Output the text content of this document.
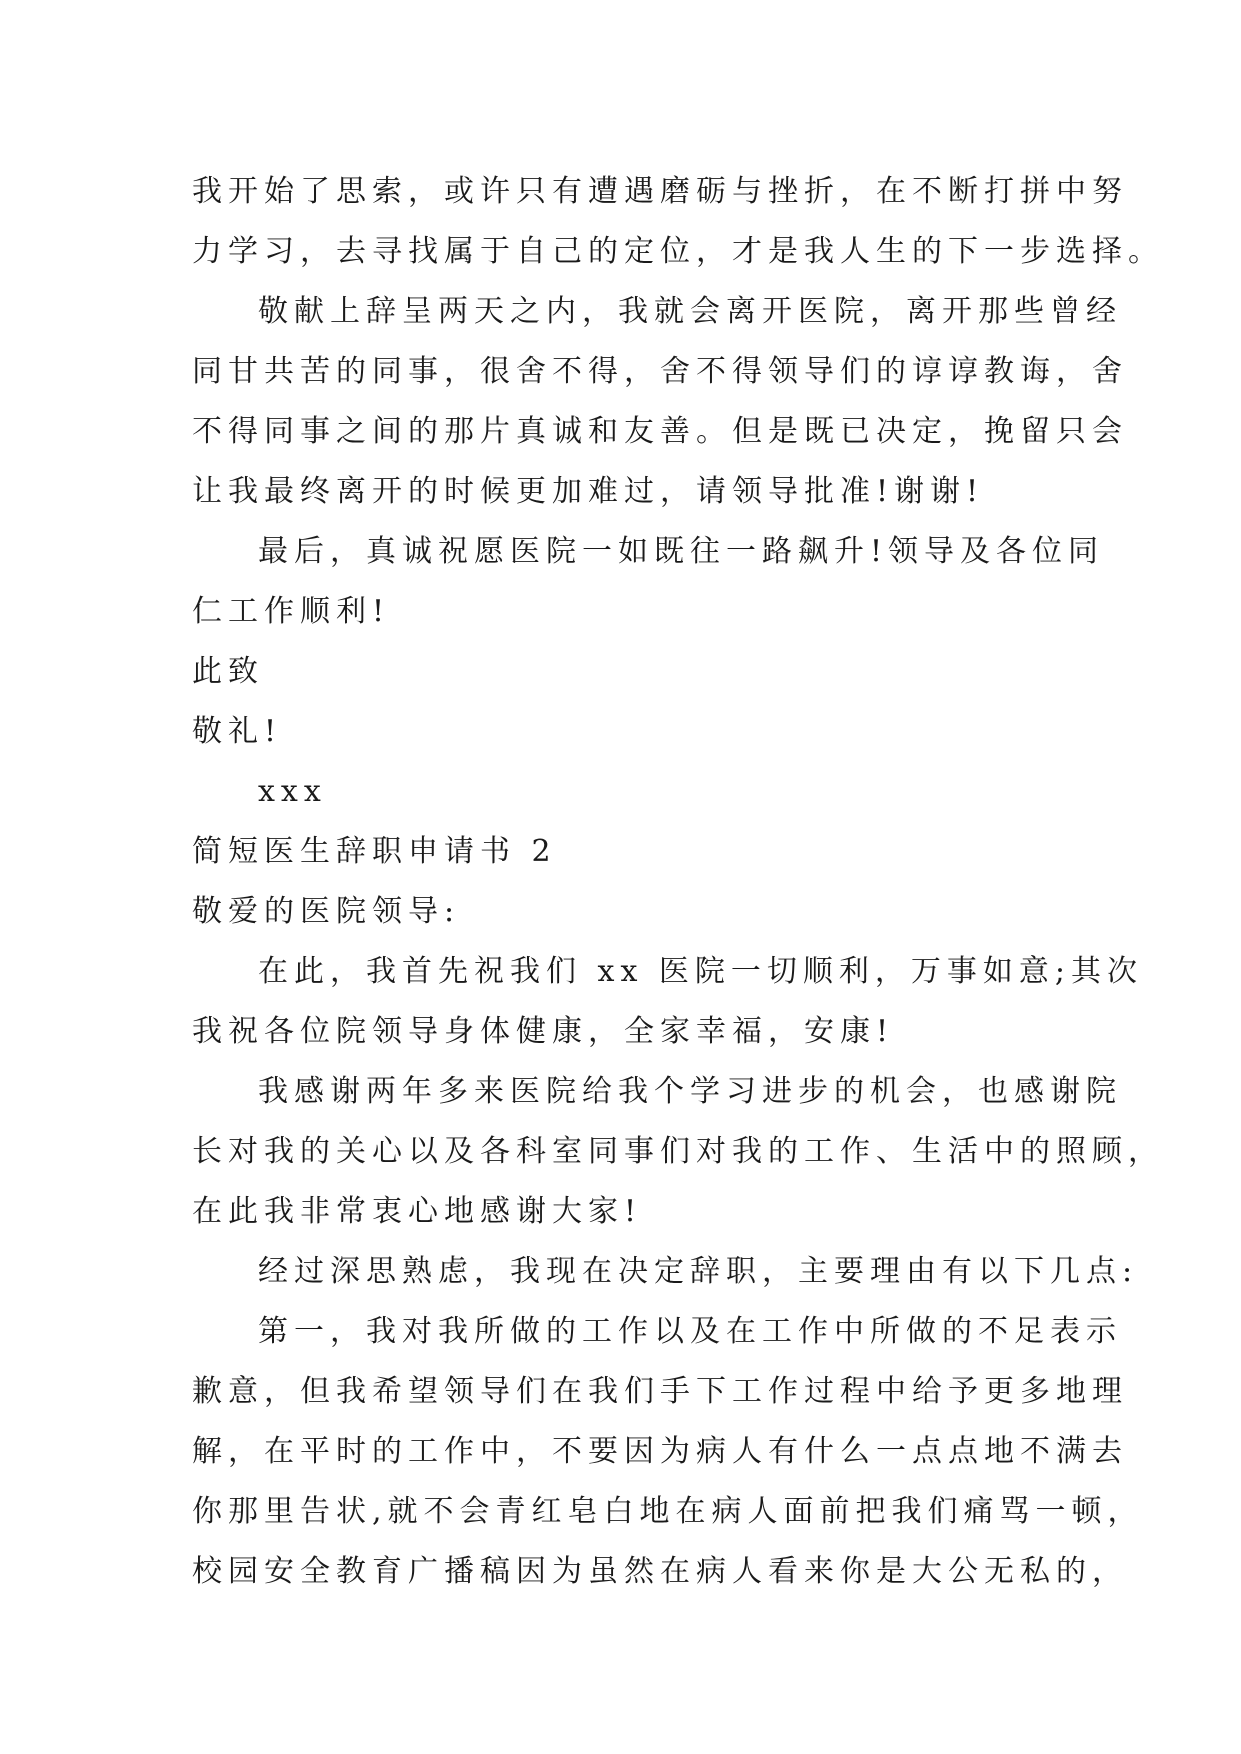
我开始了思索，或许只有遭遇磨砺与挫折，在不断打拼中努
力学习，去寻找属于自己的定位，才是我人生的下一步选择。
敬献上辞呈两天之内，我就会离开医院，离开那些曾经
同甘共苦的同事，很舍不得，舍不得领导们的谆谆教诲，舍
不得同事之间的那片真诚和友善。但是既已决定，挽留只会
让我最终离开的时候更加难过，请领导批准!谢谢!
最后，真诚祝愿医院一如既往一路飙升!领导及各位同
仁工作顺利!
此致
敬礼!
xxx
简短医生辞职申请书 2
敬爱的医院领导:
在此，我首先祝我们 xx 医院一切顺利，万事如意;其次
我祝各位院领导身体健康，全家幸福，安康!
我感谢两年多来医院给我个学习进步的机会，也感谢院
长对我的关心以及各科室同事们对我的工作、生活中的照顾，
在此我非常衷心地感谢大家!
经过深思熟虑，我现在决定辞职，主要理由有以下几点:
第一，我对我所做的工作以及在工作中所做的不足表示
歉意，但我希望领导们在我们手下工作过程中给予更多地理
解，在平时的工作中，不要因为病人有什么一点点地不满去
你那里告状,就不会青红皂白地在病人面前把我们痛骂一顿，
校园安全教育广播稿因为虽然在病人看来你是大公无私的，
